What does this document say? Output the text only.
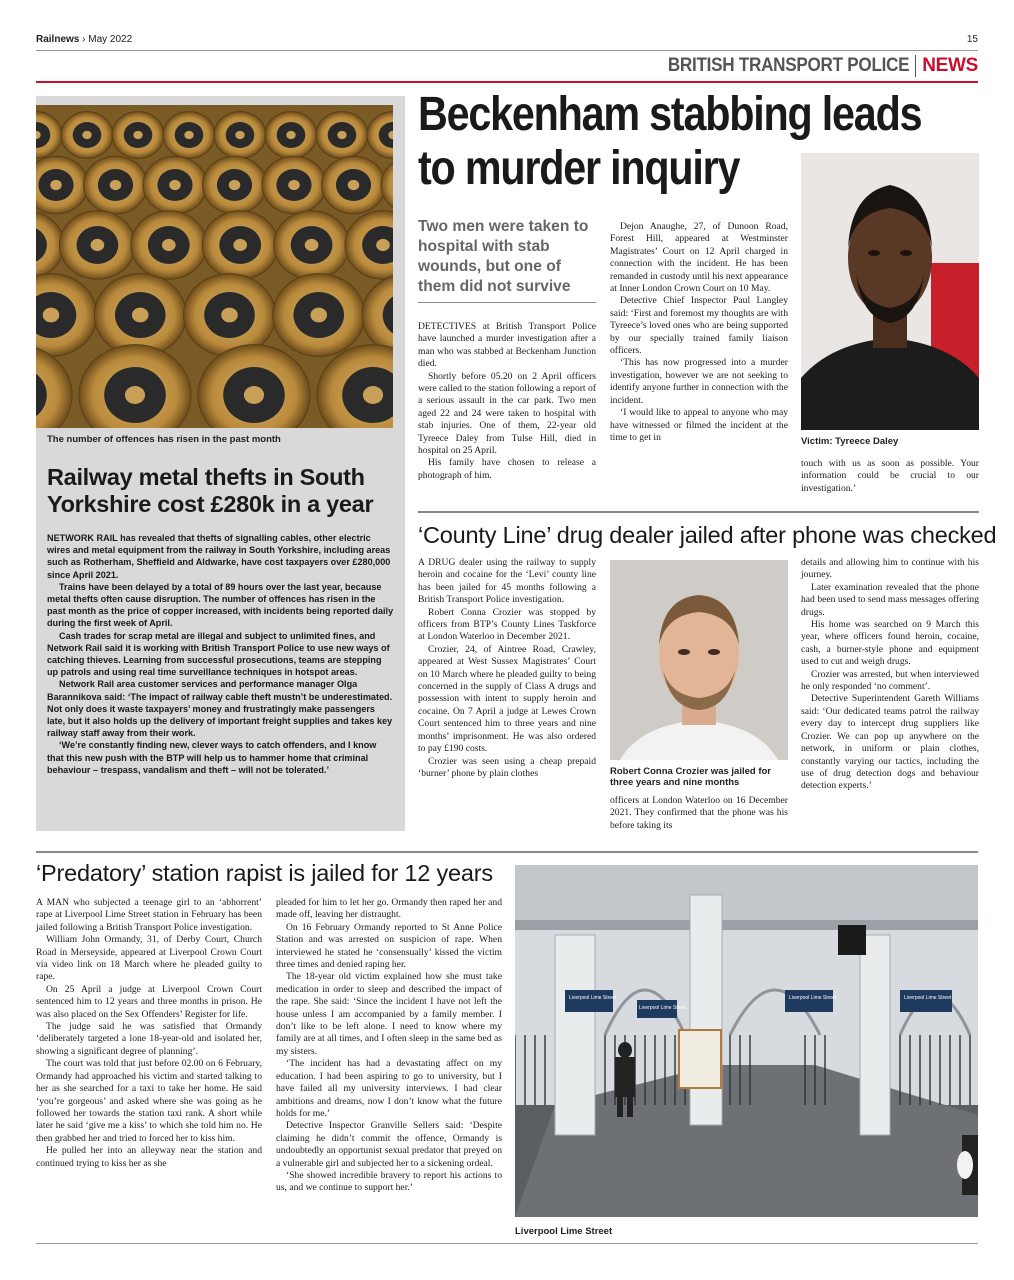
Railnews › May 2022	15
BRITISH TRANSPORT POLICE NEWS
The number of offences has risen in the past month
Railway metal thefts in South Yorkshire cost £280k in a year

NETWORK RAIL has revealed that thefts of signalling cables, other electric wires and metal equipment from the railway in South Yorkshire, including areas such as Rotherham, Sheffield and Aldwarke, have cost taxpayers over £280,000 since April 2021.

Trains have been delayed by a total of 89 hours over the last year, because metal thefts often cause disruption. The number of offences has risen in the past month as the price of copper increased, with incidents being reported daily during the first week of April.

Cash trades for scrap metal are illegal and subject to unlimited fines, and Network Rail said it is working with British Transport Police to use new ways of catching thieves. Learning from successful prosecutions, teams are stepping up patrols and using real time surveillance techniques in hotspot areas.

Network Rail area customer services and performance manager Olga Barannikova said: ‘The impact of railway cable theft mustn’t be underestimated. Not only does it waste taxpayers’ money and frustratingly make passengers late, but it also holds up the delivery of important freight supplies and takes key railway staff away from their work.

‘We’re constantly finding new, clever ways to catch offenders, and I know that this new push with the BTP will help us to hammer home that criminal behaviour – trespass, vandalism and theft – will not be tolerated.’

Beckenham stabbing leads
to murder inquiry
Two men were taken to hospital with stab wounds, but one of them did not survive

DETECTIVES at British Transport Police have launched a murder investigation after a man who was stabbed at Beckenham Junction died.

Shortly before 05.20 on 2 April officers were called to the station following a report of a serious assault in the car park. Two men aged 22 and 24 were taken to hospital with stab injuries. One of them, 22-year old Tyreece Daley from Tulse Hill, died in hospital on 25 April.

His family have chosen to release a photograph of him.

Dejon Anaughe, 27, of Dunoon Road, Forest Hill, appeared at Westminster Magistrates’ Court on 12 April charged in connection with the incident. He has been remanded in custody until his next appearance at Inner London Crown Court on 10 May.

Detective Chief Inspector Paul Langley said: ‘First and foremost my thoughts are with Tyreece’s loved ones who are being supported by our specially trained family liaison officers.

‘This has now progressed into a murder investigation, however we are not seeking to identify anyone further in connection with the incident.

‘I would like to appeal to anyone who may have witnessed or filmed the incident at the time to get in	Victim: Tyreece Daley

touch with us as soon as possible. Your information could be crucial to our investigation.’

‘County Line’ drug dealer jailed after phone was checked

A DRUG dealer using the railway to supply heroin and cocaine for the ‘Levi’ county line has been jailed for 45 months following a British Transport Police investigation.

Robert Conna Crozier was stopped by officers from BTP’s County Lines Taskforce at London Waterloo in December 2021.

Crozier, 24, of Aintree Road, Crawley, appeared at West Sussex Magistrates’ Court on 10 March where he pleaded guilty to being concerned in the supply of Class A drugs and possession with intent to supply heroin and cocaine. On 7 April a judge at Lewes Crown Court sentenced him to three years and nine months’ imprisonment. He was also ordered to pay £190 costs.

Crozier was seen using a cheap prepaid ‘burner’ phone by plain clothes	Robert Conna Crozier was jailed for three years and nine months

officers at London Waterloo on 16 December 2021. They confirmed that the phone was his before taking its

details and allowing him to continue with his journey.

Later examination revealed that the phone had been used to send mass messages offering drugs.

His home was searched on 9 March this year, where officers found heroin, cocaine, cash, a burner-style phone and equipment used to cut and weigh drugs.

Crozier was arrested, but when interviewed he only responded ‘no comment’.

Detective Superintendent Gareth Williams said: ‘Our dedicated teams patrol the railway every day to intercept drug suppliers like Crozier. We can pop up anywhere on the network, in uniform or plain clothes, constantly varying our tactics, including the use of drug detection dogs and behaviour detection experts.’

‘Predatory’ station rapist is jailed for 12 years

A MAN who subjected a teenage girl to an ‘abhorrent’ rape at Liverpool Lime Street station in February has been jailed following a British Transport Police investigation.

William John Ormandy, 31, of Derby Court, Church Road in Merseyside, appeared at Liverpool Crown Court via video link on 18 March where he pleaded guilty to rape.

On 25 April a judge at Liverpool Crown Court sentenced him to 12 years and three months in prison. He was also placed on the Sex Offenders’ Register for life.

The judge said he was satisfied that Ormandy ‘deliberately targeted a lone 18-year-old and isolated her, showing a significant degree of planning’.

The court was told that just before 02.00 on 6 February, Ormandy had approached his victim and started talking to her as she searched for a taxi to take her home. He said ‘you’re gorgeous’ and asked where she was going as he followed her towards the station taxi rank. A short while later he said ‘give me a kiss’ to which she told him no. He then grabbed her and tried to forced her to kiss him.

He pulled her into an alleyway near the station and continued trying to kiss her as she

pleaded for him to let her go. Ormandy then raped her and made off, leaving her distraught.

On 16 February Ormandy reported to St Anne Police Station and was arrested on suspicion of rape. When interviewed he stated he ‘consensually’ kissed the victim three times and denied raping her.

The 18-year old victim explained how she must take medication in order to sleep and described the impact of the rape. She said: ‘Since the incident I have not left the house unless I am accompanied by a family member. I don’t like to be left alone. I need to know where my family are at all times, and I often sleep in the same bed as my sisters.

‘The incident has had a devastating affect on my education. I had been aspiring to go to university, but I have failed all my university interviews. I had clear ambitions and dreams, now I don’t know what the future holds for me.’

Detective Inspector Granville Sellers said: ‘Despite claiming he didn’t commit the offence, Ormandy is undoubtedly an opportunist sexual predator that preyed on a vulnerable girl and subjected her to a sickening ordeal.

‘She showed incredible bravery to report his actions to us, and we continue to support her.’

Liverpool Lime Street	Liverpool Lime Street	Liverpool Lime Street
Liverpool Lime Street
Liverpool Lime Street
